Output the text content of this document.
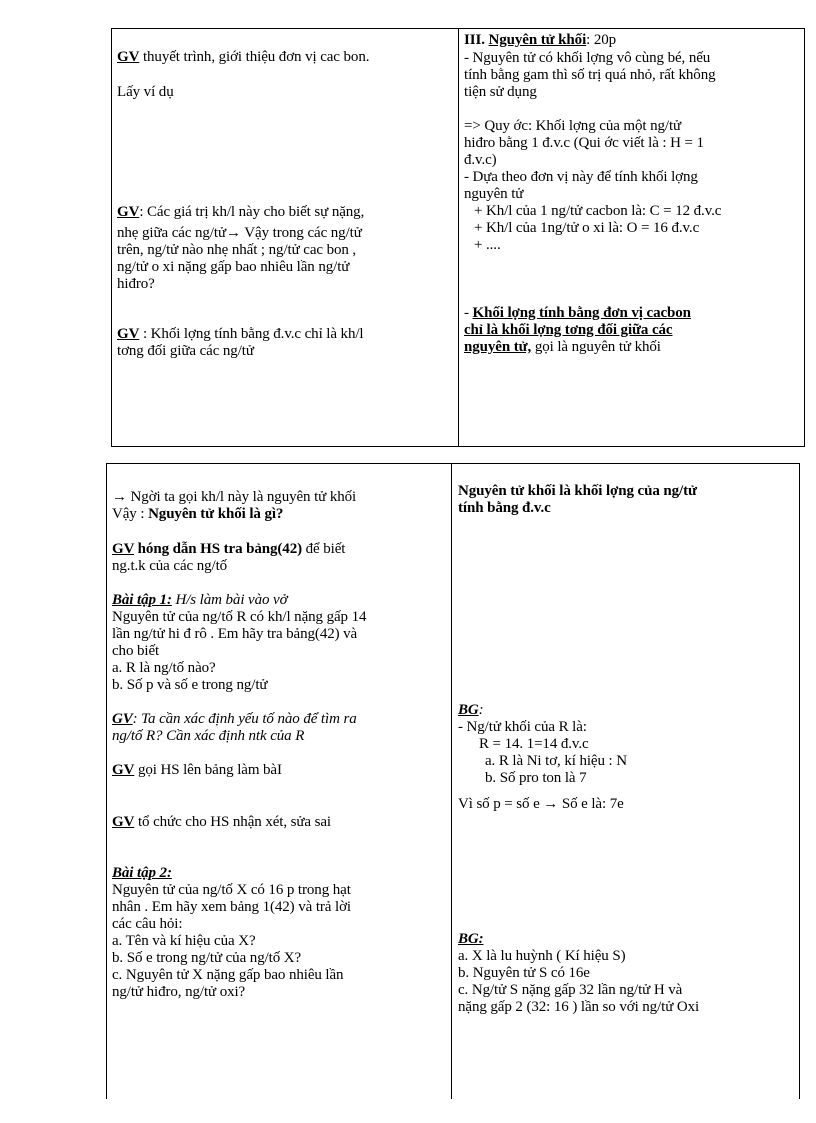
GV thuyết trình, giới thiệu đơn vị cac bon.
Lấy ví dụ
GV: Các giá trị kh/l này cho biết sự nặng,
nhẹ giữa các ng/tử→ Vậy trong các ng/tử
trên, ng/tử nào nhẹ nhất ; ng/tử cac bon ,
ng/tử o xi nặng gấp bao nhiêu lần ng/tử
hiđro?
GV : Khối lợng tính bằng đ.v.c chỉ là kh/l
tơng đối giữa các ng/tử
III. Nguyên tử khối: 20p
- Nguyên tử có khối lợng vô cùng bé, nếu
tính bằng gam thì số trị quá nhỏ, rất không
tiện sử dụng
=> Quy ớc: Khối lợng của một ng/tử
hiđro bằng 1 đ.v.c (Qui ớc viết là : H = 1
đ.v.c)
- Dựa theo đơn vị này để tính khối lợng
nguyên tử
+ Kh/l của 1 ng/tử cacbon là: C = 12 đ.v.c
+ Kh/l của 1ng/tử o xi là: O = 16 đ.v.c
+ ....
- Khối lợng tính bằng đơn vị cacbon
chỉ là khối lợng tơng đối giữa các
nguyên tử, gọi là nguyên tử khối
→ Ngời ta gọi kh/l này là nguyên tử khối
Vậy : Nguyên tử khối là gì?
GV hóng dẫn HS tra bảng(42) để biết
ng.t.k của các ng/tố
Bài tập 1: H/s làm bài vào vở
Nguyên tử của ng/tố R có kh/l nặng gấp 14
lần ng/tử hi đ rô . Em hãy tra bảng(42) và
cho biết
a. R là ng/tố nào?
b. Số p và số e trong ng/tử
GV: Ta cần xác định yếu tố nào để tìm ra
ng/tố R? Cần xác định ntk của R
GV gọi HS lên bảng làm bàI
GV tổ chức cho HS nhận xét, sửa sai
Bài tập 2:
Nguyên tử của ng/tố X có 16 p trong hạt
nhân . Em hãy xem bảng 1(42) và trả lời
các câu hỏi:
a. Tên và kí hiệu của X?
b. Số e trong ng/tử của ng/tố X?
c. Nguyên tử X nặng gấp bao nhiêu lần
ng/tử hiđro, ng/tử oxi?
Nguyên tử khối là khối lợng của ng/tử
tính bằng đ.v.c
BG:
- Ng/tử khối của R là:
R = 14. 1=14 đ.v.c
a. R là Ni tơ, kí hiệu : N
b. Số pro ton là 7
Vì số p = số e → Số e là: 7e
BG:
a. X là lu huỳnh ( Kí hiệu S)
b. Nguyên tử S có 16e
c. Ng/tử S nặng gấp 32 lần ng/tử H và
nặng gấp 2 (32: 16 ) lần so với ng/tử Oxi
